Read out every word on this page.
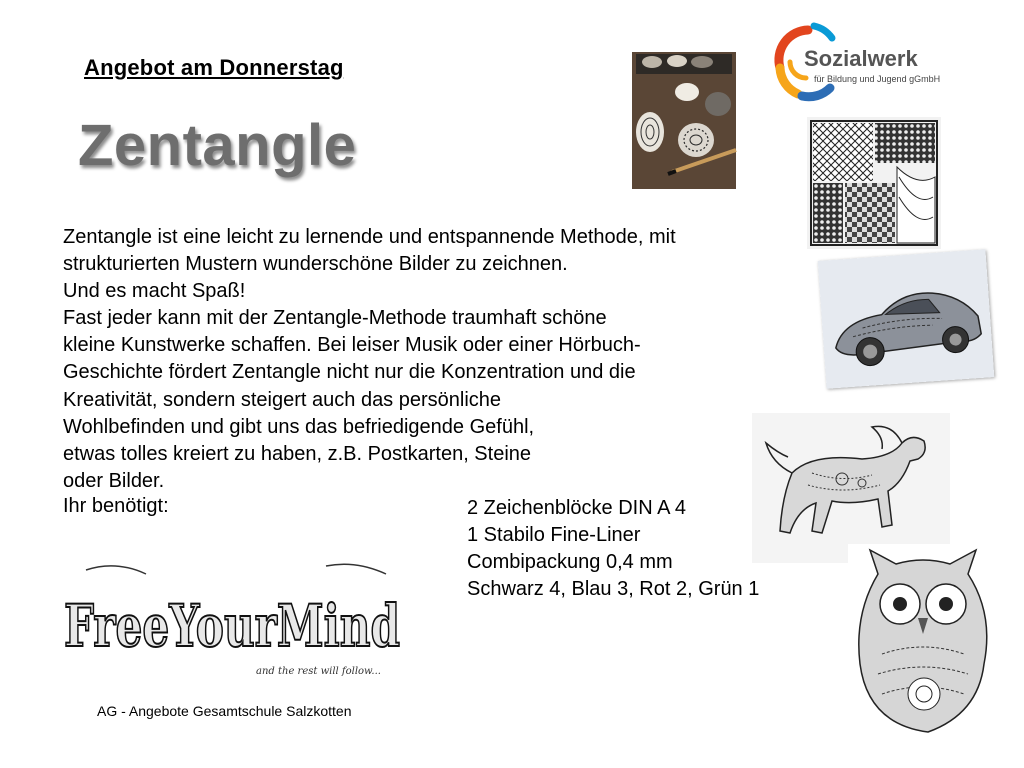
Angebot am Donnerstag
Zentangle
Sozialwerk
für Bildung und Jugend gGmbH
FreeYourMind
and the rest will follow...
Zentangle ist eine leicht zu lernende und entspannende Methode, mit
strukturierten Mustern wunderschöne Bilder zu zeichnen.
Und es macht Spaß!
Fast jeder kann mit der Zentangle-Methode traumhaft schöne
kleine Kunstwerke schaffen. Bei leiser Musik oder einer Hörbuch-
Geschichte fördert Zentangle nicht nur die Konzentration und die
Kreativität, sondern steigert auch das persönliche
Wohlbefinden und gibt uns das befriedigende Gefühl,
etwas tolles kreiert zu haben, z.B. Postkarten, Steine
oder Bilder.
Ihr benötigt:	2 Zeichenblöcke DIN A 4
1 Stabilo Fine-Liner
Combipackung 0,4 mm
Schwarz 4, Blau 3, Rot 2, Grün 1
AG - Angebote Gesamtschule Salzkotten
